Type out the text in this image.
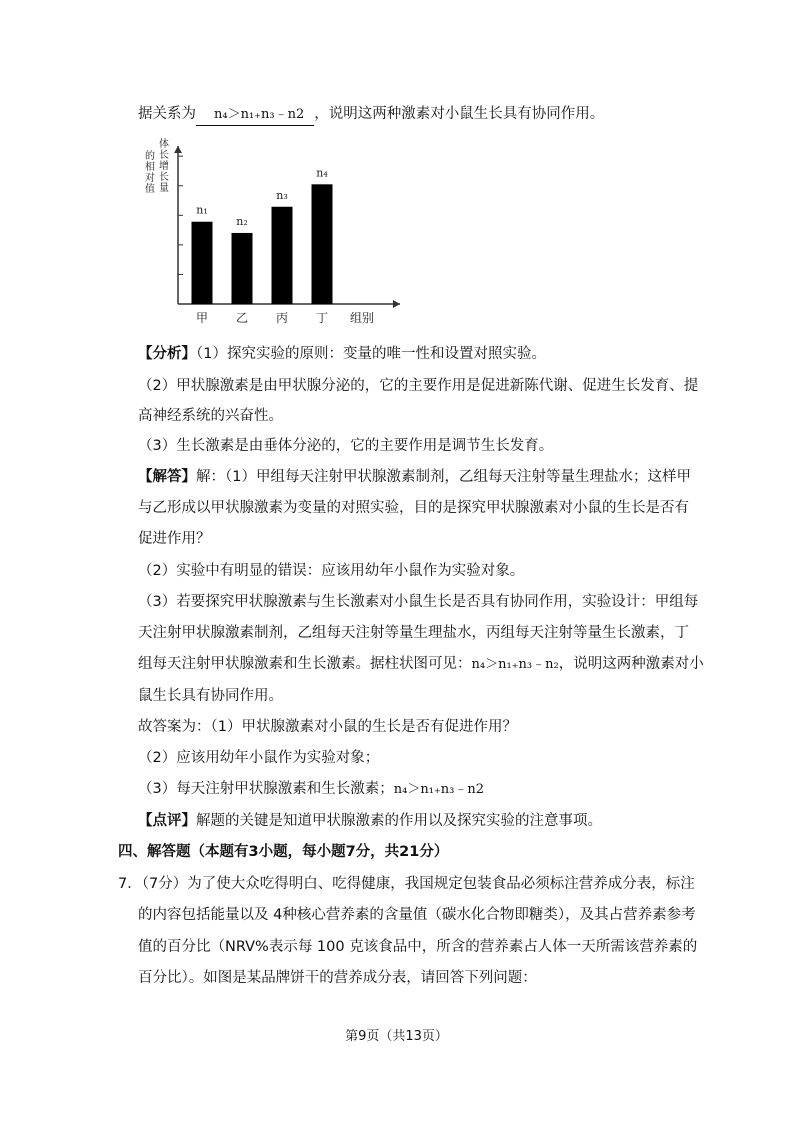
据关系为 n₄＞n₁₊n₃﹣n2 ，说明这两种激素对小鼠生长具有协同作用。
的相对值 体长增长量
n₁
甲
n₂
乙
n₃
丙
n₄
丁 组别
【分析】（1）探究实验的原则：变量的唯一性和设置对照实验。
（2）甲状腺激素是由甲状腺分泌的，它的主要作用是促进新陈代谢、促进生长发育、提
高神经系统的兴奋性。
（3）生长激素是由垂体分泌的，它的主要作用是调节生长发育。
【解答】解：（1）甲组每天注射甲状腺激素制剂，乙组每天注射等量生理盐水；这样甲
与乙形成以甲状腺激素为变量的对照实验，目的是探究甲状腺激素对小鼠的生长是否有
促进作用？
（2）实验中有明显的错误：应该用幼年小鼠作为实验对象。
（3）若要探究甲状腺激素与生长激素对小鼠生长是否具有协同作用，实验设计：甲组每
天注射甲状腺激素制剂，乙组每天注射等量生理盐水，丙组每天注射等量生长激素，丁
组每天注射甲状腺激素和生长激素。据柱状图可见：n₄＞n₁₊n₃﹣n₂，说明这两种激素对小
鼠生长具有协同作用。
故答案为：（1）甲状腺激素对小鼠的生长是否有促进作用？
（2）应该用幼年小鼠作为实验对象；
（3）每天注射甲状腺激素和生长激素；n₄＞n₁₊n₃﹣n2
【点评】解题的关键是知道甲状腺激素的作用以及探究实验的注意事项。
四、解答题（本题有3小题，每小题7分，共21分）
7．（7分）为了使大众吃得明白、吃得健康，我国规定包装食品必须标注营养成分表，标注
的内容包括能量以及 4种核心营养素的含量值（碳水化合物即糖类），及其占营养素参考
值的百分比（NRV%表示每 100 克该食品中，所含的营养素占人体一天所需该营养素的
百分比）。如图是某品牌饼干的营养成分表，请回答下列问题：
第9页（共13页）
